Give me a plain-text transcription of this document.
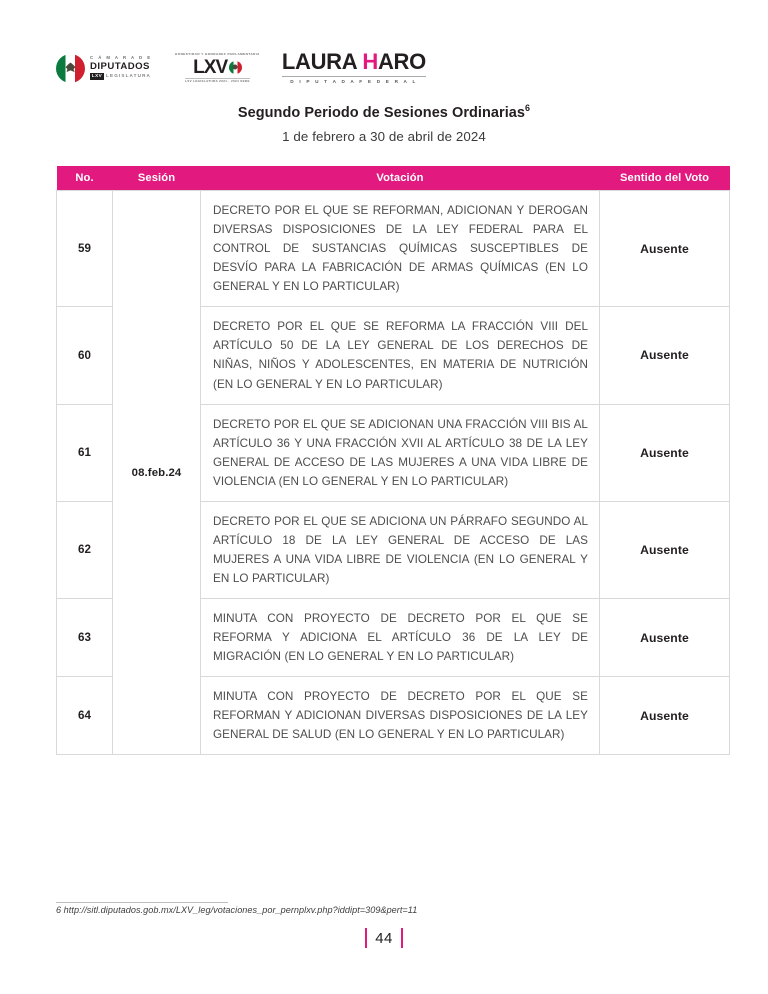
C Á M A R A D E
DIPUTADOS
LXV LEGISLATURA
HONESTIDAD Y HONRADEZ PARLAMENTARIA
LXV
LXV LEGISLATURA 2021 · 2024 SEDE
LAURA HARO
D I P U T A D A F E D E R A L
Segundo Periodo de Sesiones Ordinarias$^6$
1 de febrero a 30 de abril de 2024
No.	Sesión	Votación	Sentido del Voto
59	08.feb.24	DECRETO POR EL QUE SE REFORMAN, ADICIONAN Y DEROGAN DIVERSAS DISPOSICIONES DE LA LEY FEDERAL PARA EL CONTROL DE SUSTANCIAS QUÍMICAS SUSCEPTIBLES DE DESVÍO PARA LA FABRICACIÓN DE ARMAS QUÍMICAS (EN LO GENERAL Y EN LO PARTICULAR)	Ausente
60		DECRETO POR EL QUE SE REFORMA LA FRACCIÓN VIII DEL ARTÍCULO 50 DE LA LEY GENERAL DE LOS DERECHOS DE NIÑAS, NIÑOS Y ADOLESCENTES, EN MATERIA DE NUTRICIÓN (EN LO GENERAL Y EN LO PARTICULAR)	Ausente
61		DECRETO POR EL QUE SE ADICIONAN UNA FRACCIÓN VIII BIS AL ARTÍCULO 36 Y UNA FRACCIÓN XVII AL ARTÍCULO 38 DE LA LEY GENERAL DE ACCESO DE LAS MUJERES A UNA VIDA LIBRE DE VIOLENCIA (EN LO GENERAL Y EN LO PARTICULAR)	Ausente
62		DECRETO POR EL QUE SE ADICIONA UN PÁRRAFO SEGUNDO AL ARTÍCULO 18 DE LA LEY GENERAL DE ACCESO DE LAS MUJERES A UNA VIDA LIBRE DE VIOLENCIA (EN LO GENERAL Y EN LO PARTICULAR)	Ausente
63		MINUTA CON PROYECTO DE DECRETO POR EL QUE SE REFORMA Y ADICIONA EL ARTÍCULO 36 DE LA LEY DE MIGRACIÓN (EN LO GENERAL Y EN LO PARTICULAR)	Ausente
64		MINUTA CON PROYECTO DE DECRETO POR EL QUE SE REFORMAN Y ADICIONAN DIVERSAS DISPOSICIONES DE LA LEY GENERAL DE SALUD (EN LO GENERAL Y EN LO PARTICULAR)	Ausente
6 http://sitl.diputados.gob.mx/LXV_leg/votaciones_por_pernplxv.php?iddipt=309&pert=11
44
